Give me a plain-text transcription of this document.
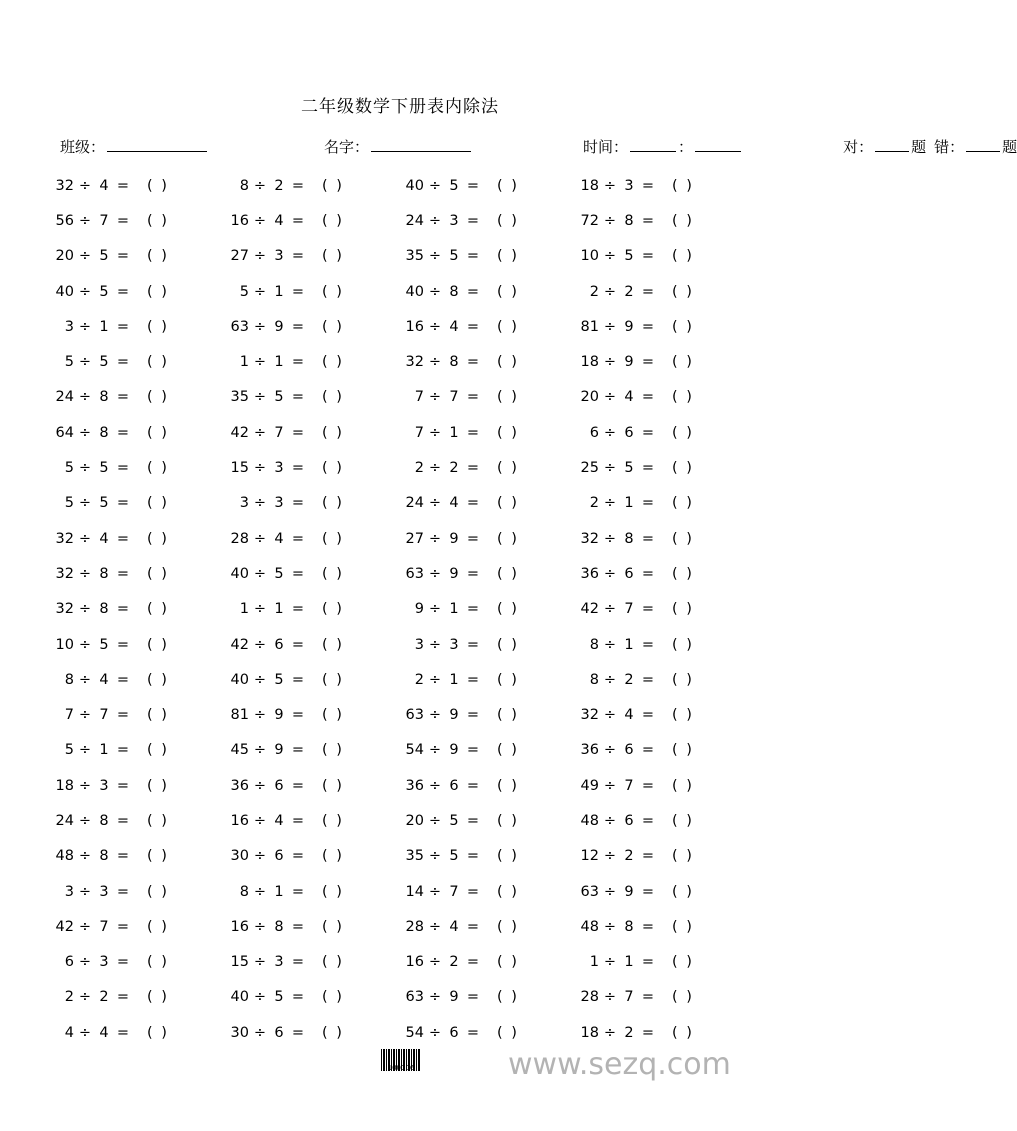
二年级数学下册表内除法
班级：	名字：	时间：	：	对：	题 错：	题
32 ÷ 4 =	( )	8 ÷ 2 =	( )	40 ÷ 5 =	( )	18 ÷ 3 =	( )
56 ÷ 7 =	( )	16 ÷ 4 =	( )	24 ÷ 3 =	( )	72 ÷ 8 =	( )
20 ÷ 5 =	( )	27 ÷ 3 =	( )	35 ÷ 5 =	( )	10 ÷ 5 =	( )
40 ÷ 5 =	( )	5 ÷ 1 =	( )	40 ÷ 8 =	( )	2 ÷ 2 =	( )
3 ÷ 1 =	( )	63 ÷ 9 =	( )	16 ÷ 4 =	( )	81 ÷ 9 =	( )
5 ÷ 5 =	( )	1 ÷ 1 =	( )	32 ÷ 8 =	( )	18 ÷ 9 =	( )
24 ÷ 8 =	( )	35 ÷ 5 =	( )	7 ÷ 7 =	( )	20 ÷ 4 =	( )
64 ÷ 8 =	( )	42 ÷ 7 =	( )	7 ÷ 1 =	( )	6 ÷ 6 =	( )
5 ÷ 5 =	( )	15 ÷ 3 =	( )	2 ÷ 2 =	( )	25 ÷ 5 =	( )
5 ÷ 5 =	( )	3 ÷ 3 =	( )	24 ÷ 4 =	( )	2 ÷ 1 =	( )
32 ÷ 4 =	( )	28 ÷ 4 =	( )	27 ÷ 9 =	( )	32 ÷ 8 =	( )
32 ÷ 8 =	( )	40 ÷ 5 =	( )	63 ÷ 9 =	( )	36 ÷ 6 =	( )
32 ÷ 8 =	( )	1 ÷ 1 =	( )	9 ÷ 1 =	( )	42 ÷ 7 =	( )
10 ÷ 5 =	( )	42 ÷ 6 =	( )	3 ÷ 3 =	( )	8 ÷ 1 =	( )
8 ÷ 4 =	( )	40 ÷ 5 =	( )	2 ÷ 1 =	( )	8 ÷ 2 =	( )
7 ÷ 7 =	( )	81 ÷ 9 =	( )	63 ÷ 9 =	( )	32 ÷ 4 =	( )
5 ÷ 1 =	( )	45 ÷ 9 =	( )	54 ÷ 9 =	( )	36 ÷ 6 =	( )
18 ÷ 3 =	( )	36 ÷ 6 =	( )	36 ÷ 6 =	( )	49 ÷ 7 =	( )
24 ÷ 8 =	( )	16 ÷ 4 =	( )	20 ÷ 5 =	( )	48 ÷ 6 =	( )
48 ÷ 8 =	( )	30 ÷ 6 =	( )	35 ÷ 5 =	( )	12 ÷ 2 =	( )
3 ÷ 3 =	( )	8 ÷ 1 =	( )	14 ÷ 7 =	( )	63 ÷ 9 =	( )
42 ÷ 7 =	( )	16 ÷ 8 =	( )	28 ÷ 4 =	( )	48 ÷ 8 =	( )
6 ÷ 3 =	( )	15 ÷ 3 =	( )	16 ÷ 2 =	( )	1 ÷ 1 =	( )
2 ÷ 2 =	( )	40 ÷ 5 =	( )	63 ÷ 9 =	( )	28 ÷ 7 =	( )
4 ÷ 4 =	( )	30 ÷ 6 =	( )	54 ÷ 6 =	( )	18 ÷ 2 =	( )
100106	www.sezq.com
